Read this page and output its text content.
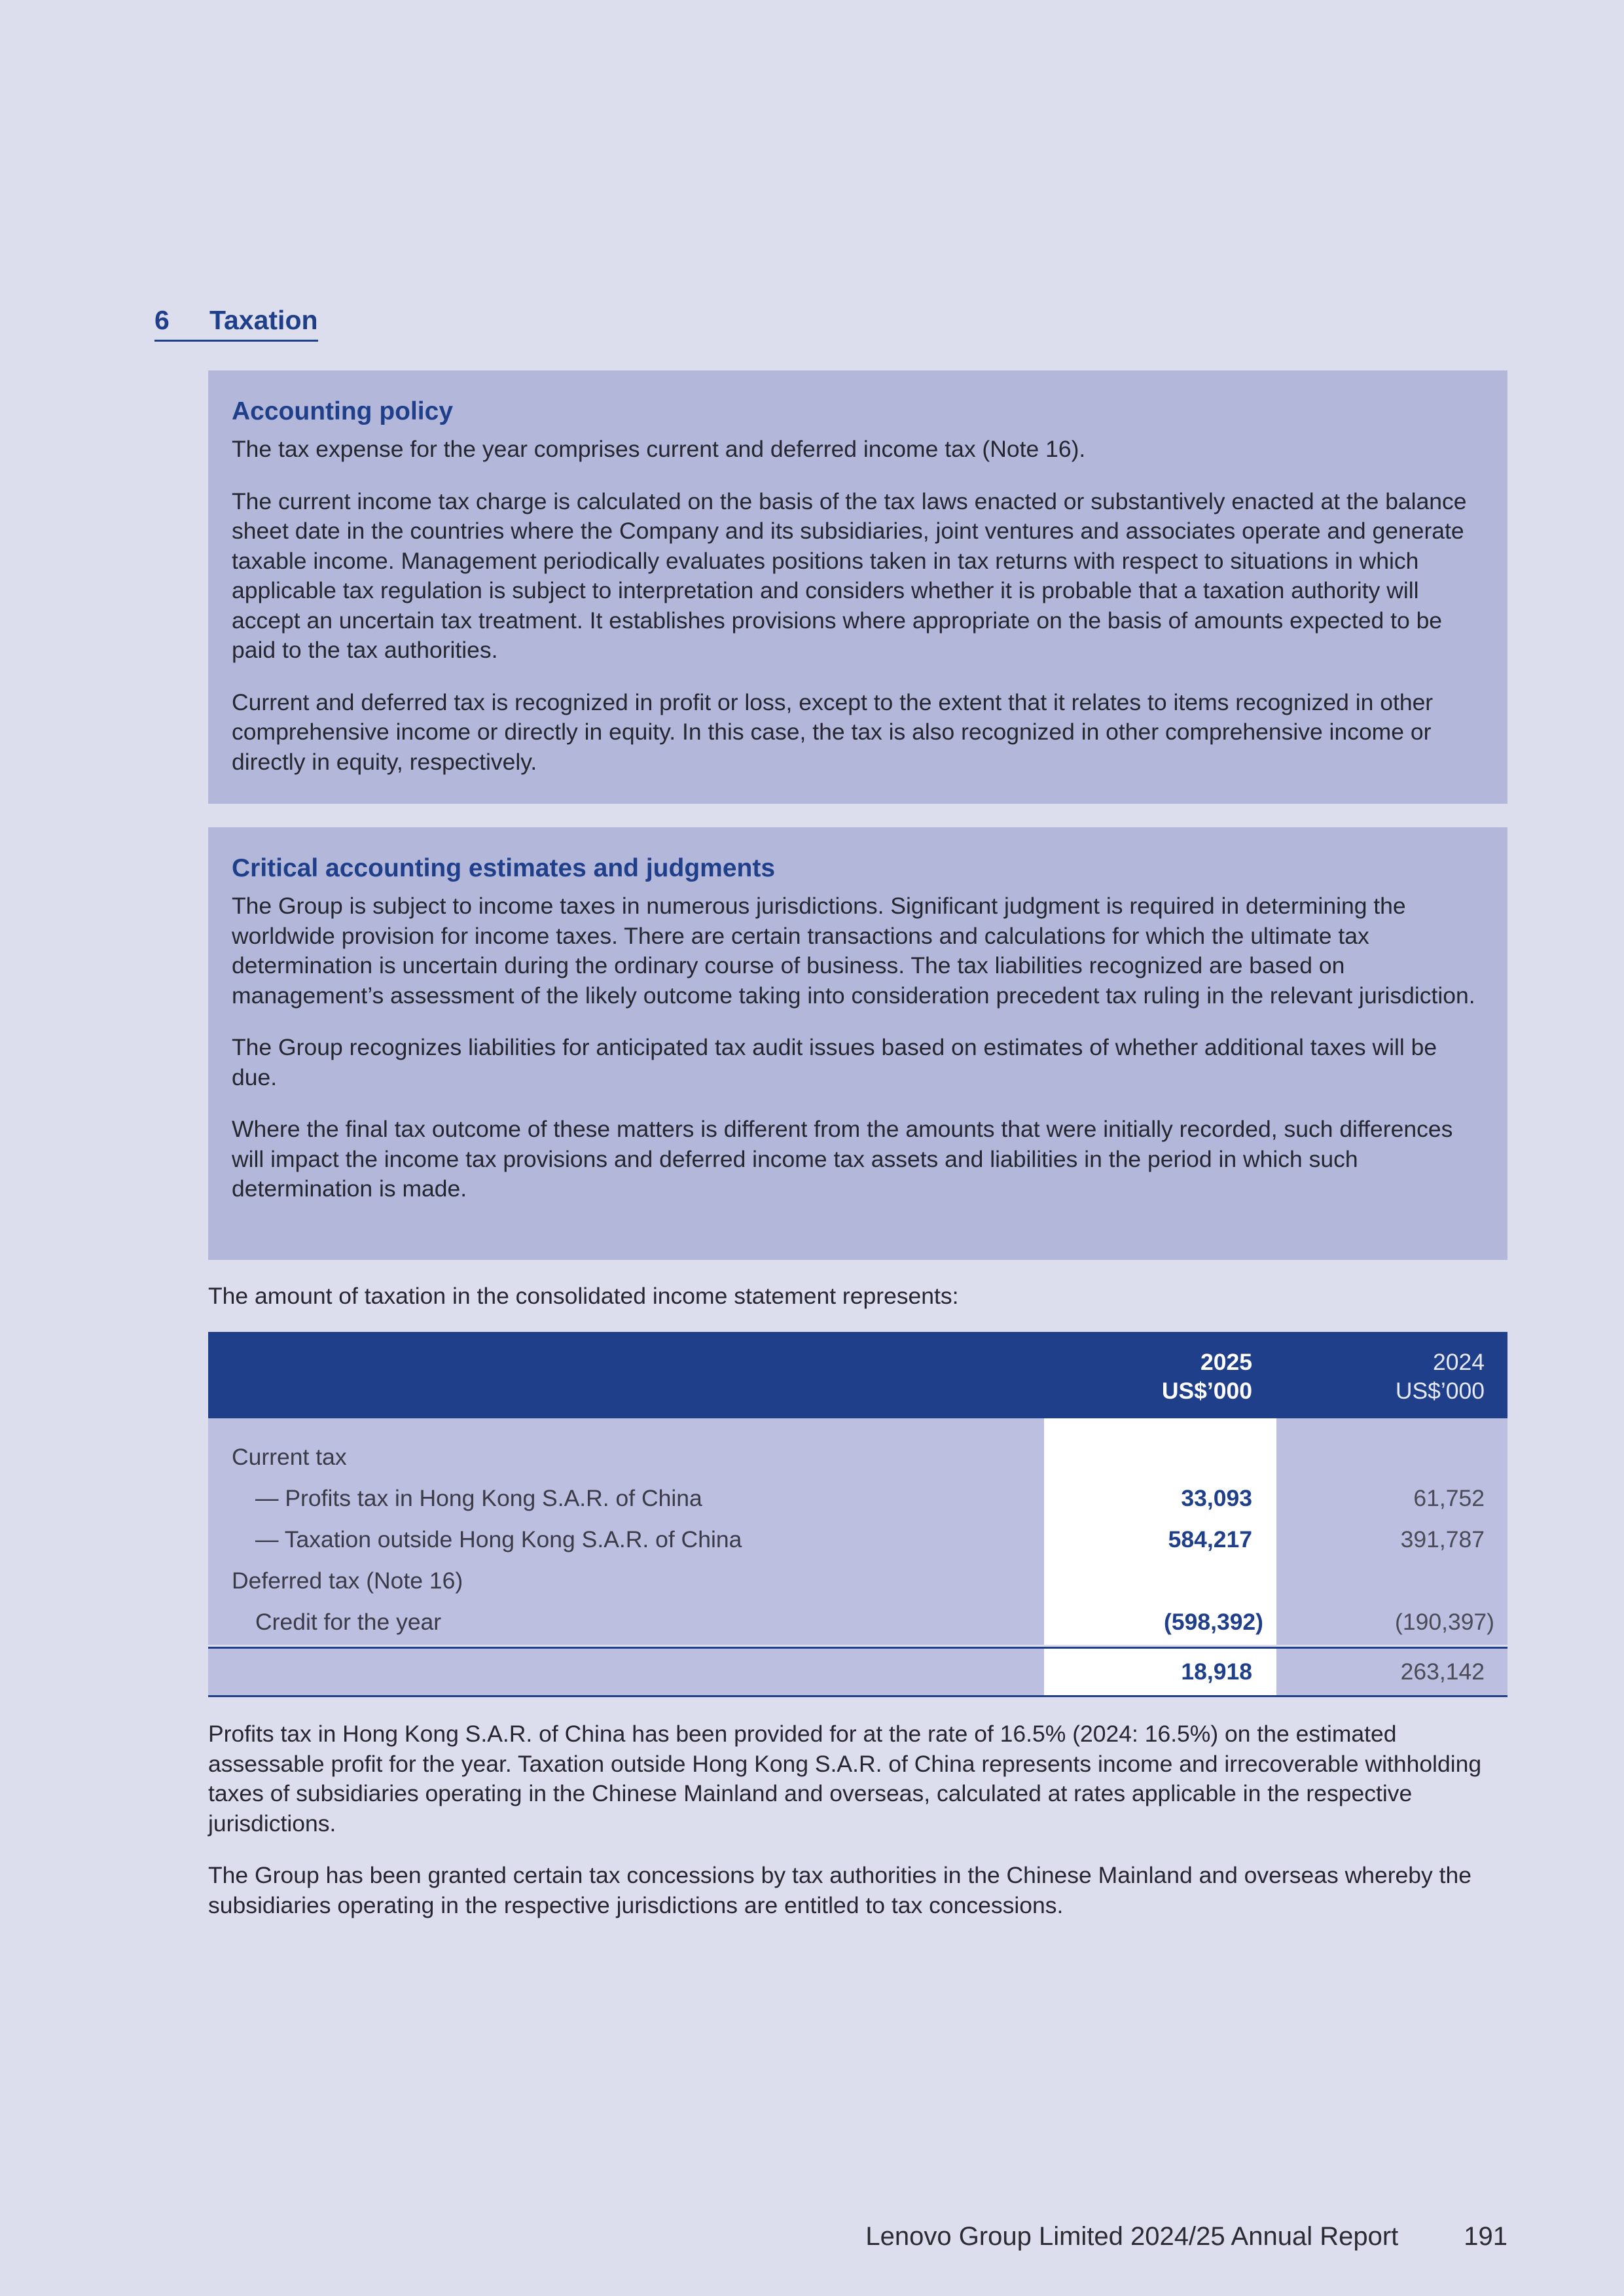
6 Taxation
Accounting policy

The tax expense for the year comprises current and deferred income tax (Note 16).

The current income tax charge is calculated on the basis of the tax laws enacted or substantively enacted at the balance sheet date in the countries where the Company and its subsidiaries, joint ventures and associates operate and generate taxable income. Management periodically evaluates positions taken in tax returns with respect to situations in which applicable tax regulation is subject to interpretation and considers whether it is probable that a taxation authority will accept an uncertain tax treatment. It establishes provisions where appropriate on the basis of amounts expected to be paid to the tax authorities.

Current and deferred tax is recognized in profit or loss, except to the extent that it relates to items recognized in other comprehensive income or directly in equity. In this case, the tax is also recognized in other comprehensive income or directly in equity, respectively.

Critical accounting estimates and judgments

The Group is subject to income taxes in numerous jurisdictions. Significant judgment is required in determining the worldwide provision for income taxes. There are certain transactions and calculations for which the ultimate tax determination is uncertain during the ordinary course of business. The tax liabilities recognized are based on management’s assessment of the likely outcome taking into consideration precedent tax ruling in the relevant jurisdiction.

The Group recognizes liabilities for anticipated tax audit issues based on estimates of whether additional taxes will be due.

Where the final tax outcome of these matters is different from the amounts that were initially recorded, such differences will impact the income tax provisions and deferred income tax assets and liabilities in the period in which such determination is made.

The amount of taxation in the consolidated income statement represents:
2025
US$’000
2024
US$’000
Current tax
— Profits tax in Hong Kong S.A.R. of China	33,093	61,752
— Taxation outside Hong Kong S.A.R. of China	584,217	391,787
Deferred tax (Note 16)
Credit for the year	(598,392)	(190,397)
18,918	263,142

Profits tax in Hong Kong S.A.R. of China has been provided for at the rate of 16.5% (2024: 16.5%) on the estimated assessable profit for the year. Taxation outside Hong Kong S.A.R. of China represents income and irrecoverable withholding taxes of subsidiaries operating in the Chinese Mainland and overseas, calculated at rates applicable in the respective jurisdictions.

The Group has been granted certain tax concessions by tax authorities in the Chinese Mainland and overseas whereby the subsidiaries operating in the respective jurisdictions are entitled to tax concessions.

Lenovo Group Limited 2024/25 Annual Report	191
